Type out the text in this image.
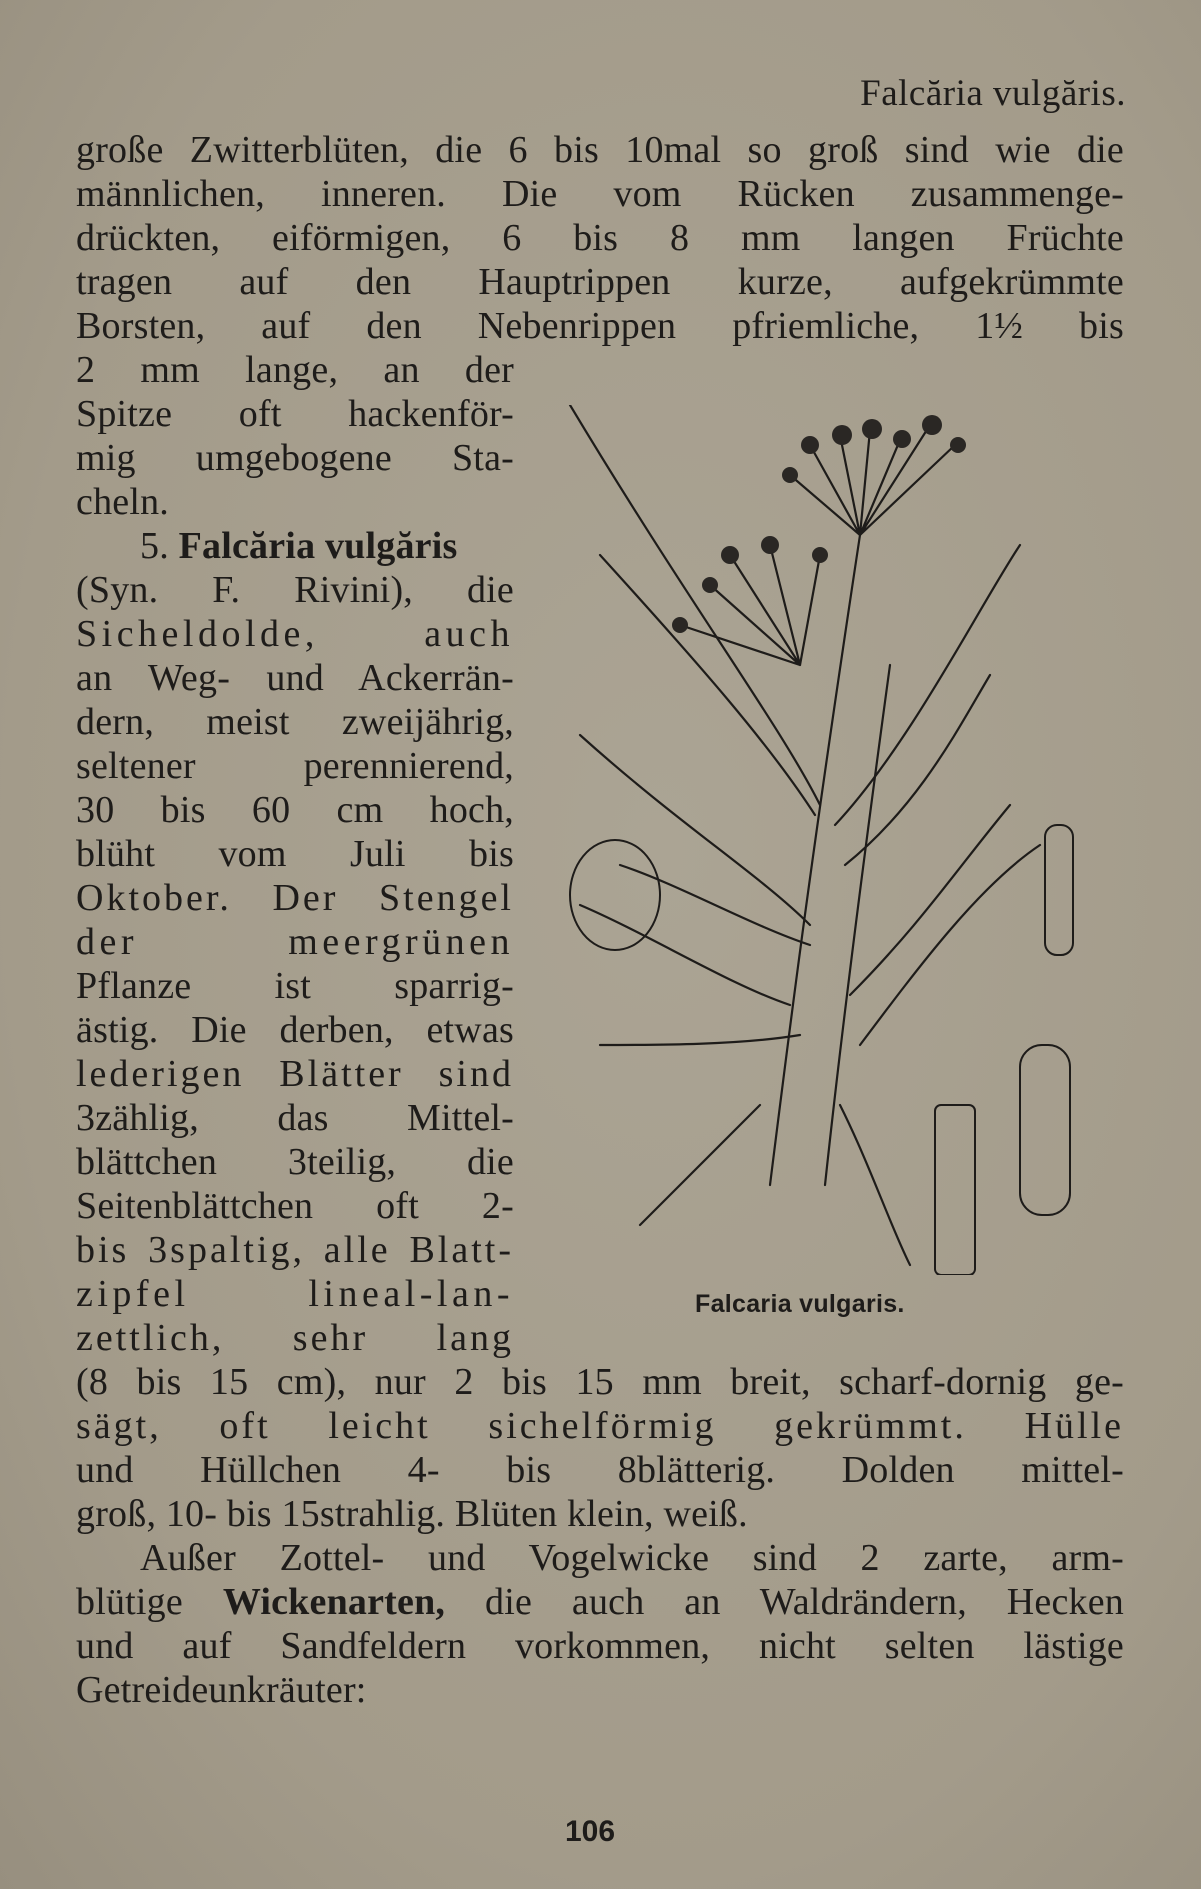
Falcăria vulgăris.
große Zwitterblüten, die 6 bis 10mal so groß sind wie die
männlichen, inneren. Die vom Rücken zusammenge-
drückten, eiförmigen, 6 bis 8 mm langen Früchte
tragen auf den Hauptrippen kurze, aufgekrümmte
Borsten, auf den Nebenrippen pfriemliche, 1½ bis
2 mm lange, an der
Spitze oft hackenför-
mig umgebogene Sta-
cheln.
5. Falcăria vulgăris
(Syn. F. Rivini), die
Sicheldolde, auch
an Weg- und Ackerrän-
dern, meist zweijährig,
seltener perennierend,
30 bis 60 cm hoch,
blüht vom Juli bis
Oktober. Der Stengel
der meergrünen
Pflanze ist sparrig-
ästig. Die derben, etwas
lederigen Blätter sind
3zählig, das Mittel-
blättchen 3teilig, die
Seitenblättchen oft 2-
bis 3spaltig, alle Blatt-
zipfel lineal-lan-
zettlich, sehr lang
(8 bis 15 cm), nur 2 bis 15 mm breit, scharf-dornig ge-
sägt, oft leicht sichelförmig gekrümmt. Hülle
und Hüllchen 4- bis 8blätterig. Dolden mittel-
groß, 10- bis 15strahlig. Blüten klein, weiß.
Außer Zottel- und Vogelwicke sind 2 zarte, arm-
blütige Wickenarten, die auch an Waldrändern, Hecken
und auf Sandfeldern vorkommen, nicht selten lästige
Getreideunkräuter:
Falcaria vulgaris.
106
